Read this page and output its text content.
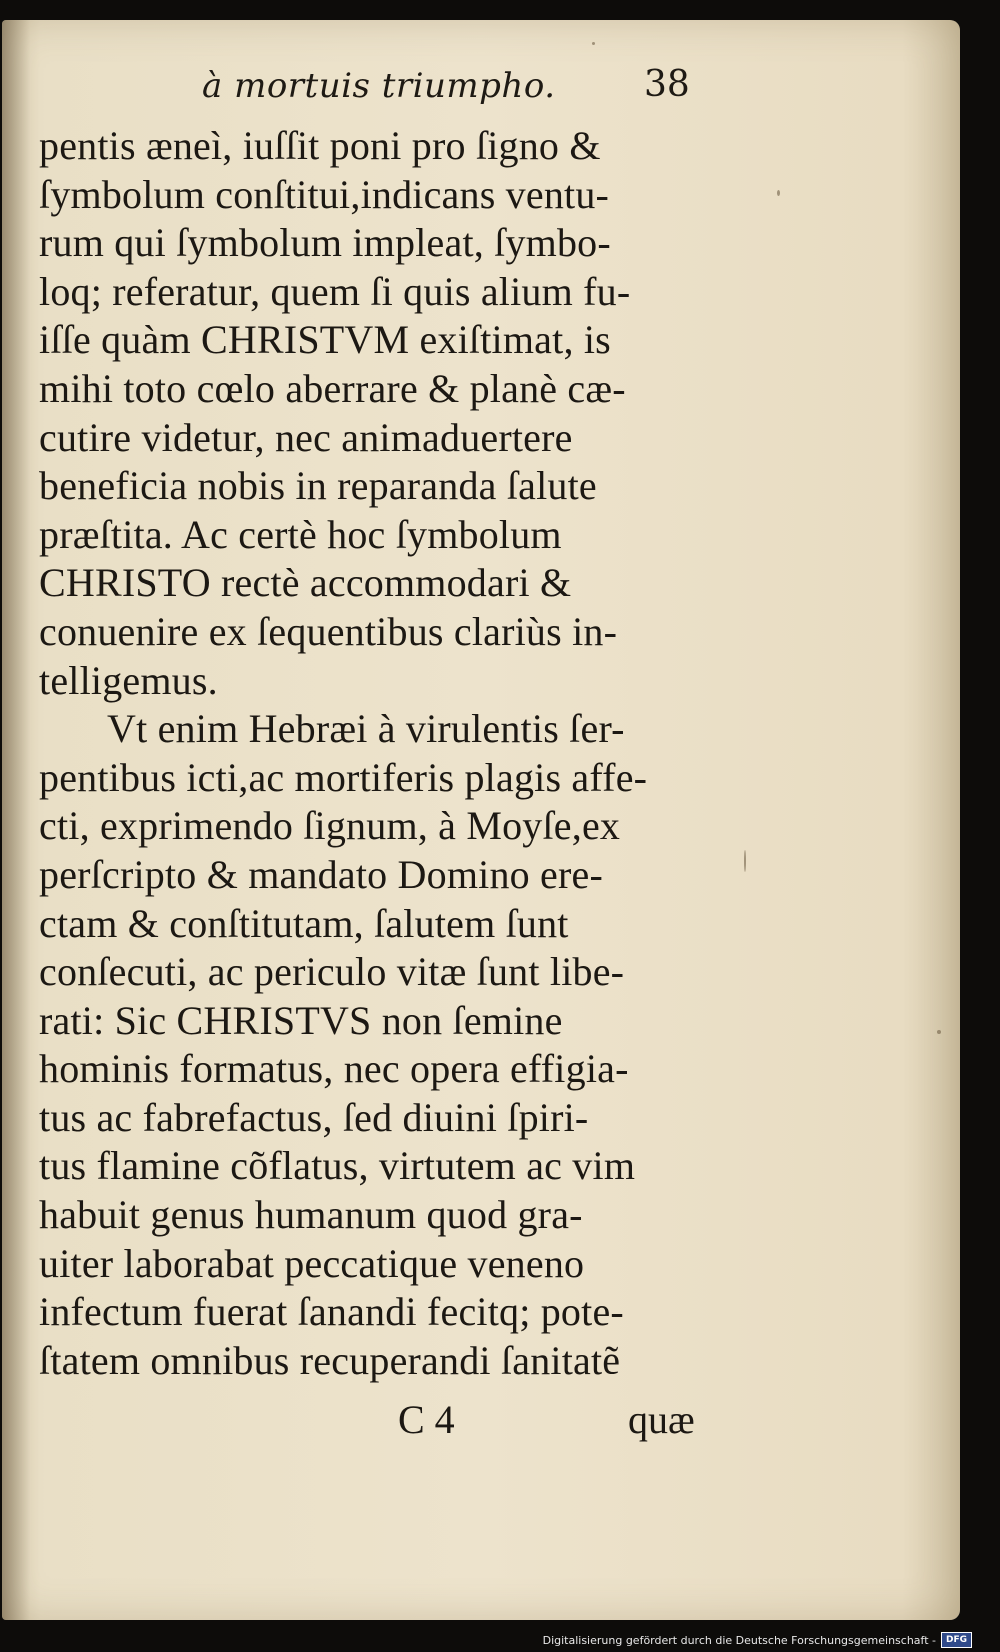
à mortuis triumpho. 38
pentis æneì, iuſſit poni pro ſigno &
ſymbolum conſtitui,indicans ventu-
rum qui ſymbolum impleat, ſymbo-
loq; referatur, quem ſi quis alium fu-
iſſe quàm CHRISTVM exiſtimat, is
mihi toto cœlo aberrare & planè cæ-
cutire videtur, nec animaduertere
beneficia nobis in reparanda ſalute
præſtita. Ac certè hoc ſymbolum
CHRISTO rectè accommodari &
conuenire ex ſequentibus clariùs in-
telligemus.
Vt enim Hebræi à virulentis ſer-
pentibus icti,ac mortiferis plagis affe-
cti, exprimendo ſignum, à Moyſe,ex
perſcripto & mandato Domino ere-
ctam & conſtitutam, ſalutem ſunt
conſecuti, ac periculo vitæ ſunt libe-
rati: Sic CHRISTVS non ſemine
hominis formatus, nec opera effigia-
tus ac fabrefactus, ſed diuini ſpiri-
tus flamine cõflatus, virtutem ac vim
habuit genus humanum quod gra-
uiter laborabat peccatique veneno
infectum fuerat ſanandi fecitq; pote-
ſtatem omnibus recuperandi ſanitatẽ
C 4	quæ
Digitalisierung gefördert durch die Deutsche Forschungsgemeinschaft -	DFG
